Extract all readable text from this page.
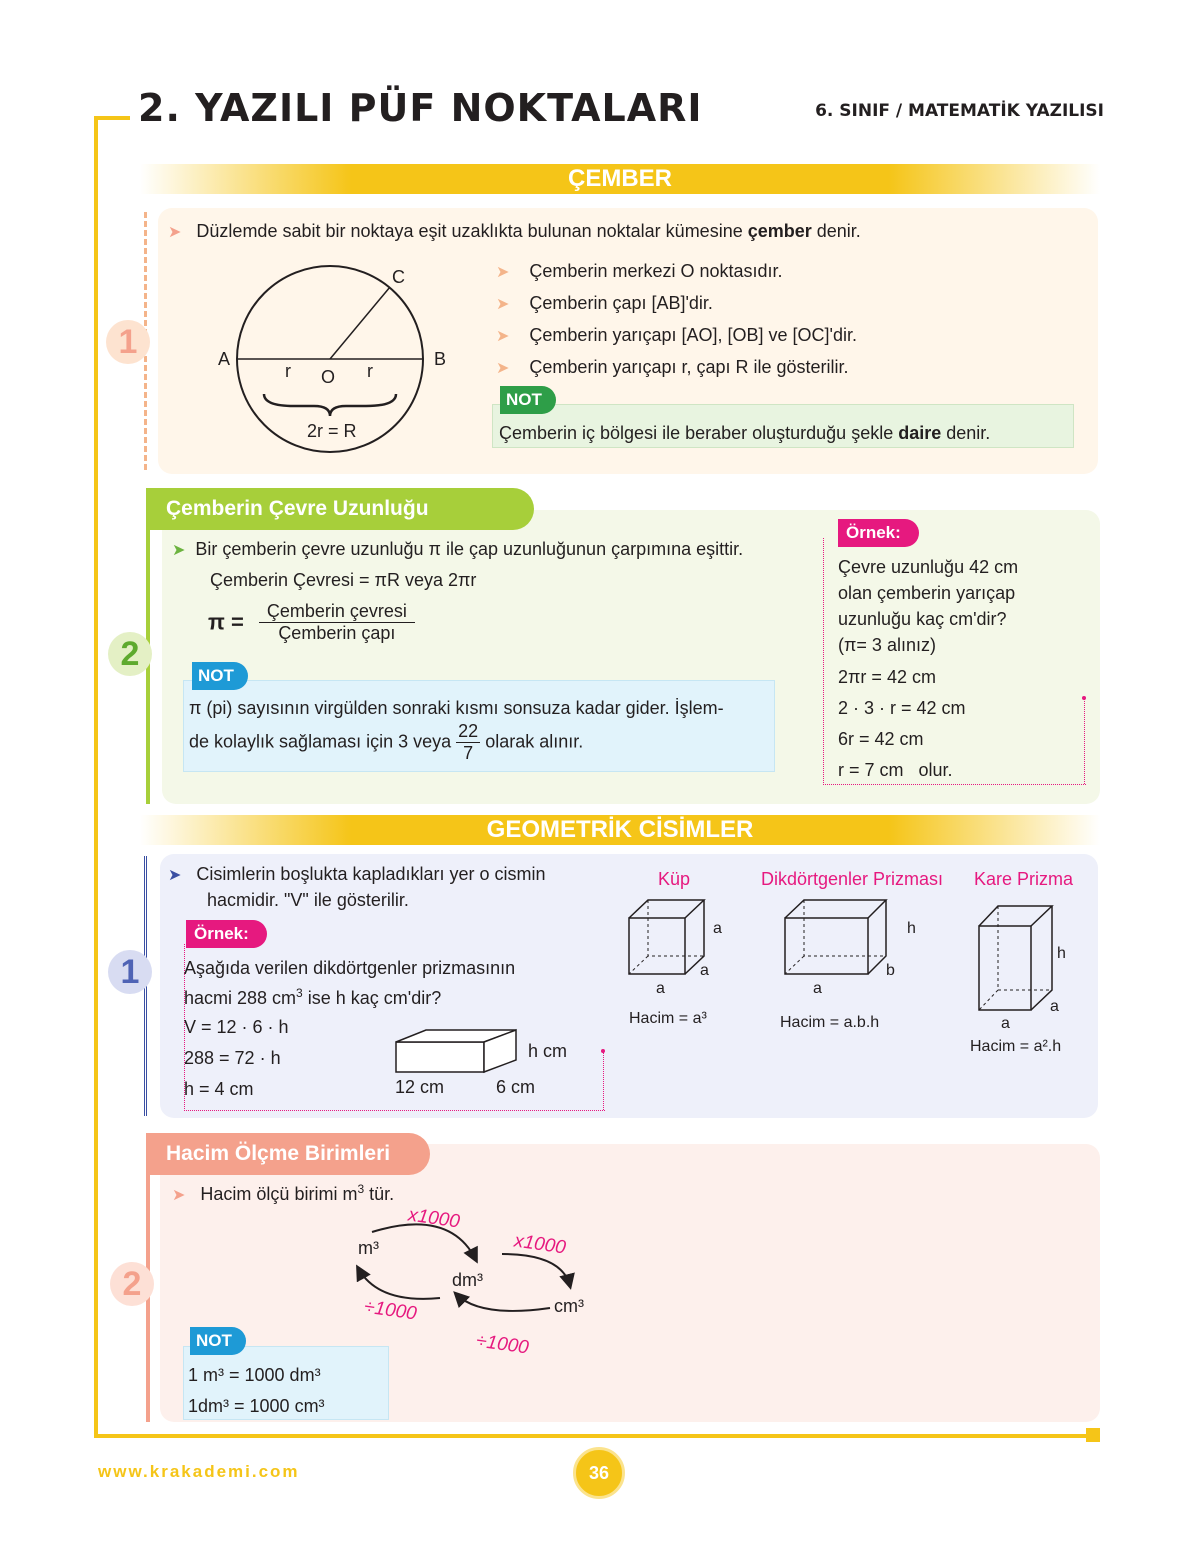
2. YAZILI PÜF NOKTALARI	6. SINIF / MATEMATİK YAZILISI
ÇEMBER
1
➤ Düzlemde sabit bir noktaya eşit uzaklıkta bulunan noktalar kümesine çember denir.
A	B
C
O
r	r
2r = R
➤ Çemberin merkezi O noktasıdır.
➤ Çemberin çapı [AB]'dir.
➤ Çemberin yarıçapı [AO], [OB] ve [OC]'dir.
➤ Çemberin yarıçapı r, çapı R ile gösterilir.
NOT
Çemberin iç bölgesi ile beraber oluşturduğu şekle daire denir.
Çemberin Çevre Uzunluğu
2
➤ Bir çemberin çevre uzunluğu π ile çap uzunluğunun çarpımına eşittir.
Çemberin Çevresi = πR veya 2πr
$\pi = \frac{\text{Çemberin çevresi}}{\text{Çemberin çapı}}$
NOT
π (pi) sayısının virgülden sonraki kısmı sonsuza kadar gider. İşlem-
de kolaylık sağlaması için 3 veya $\frac{22}{7}$ olarak alınır.
Örnek:
Çevre uzunluğu 42 cm
olan çemberin yarıçap
uzunluğu kaç cm'dir?
(π= 3 alınız)
2πr = 42 cm
2 · 3 · r = 42 cm
6r = 42 cm
r = 7 cm   olur.
GEOMETRİK CİSİMLER
1
➤ Cisimlerin boşlukta kapladıkları yer o cismin
hacmidir. "V" ile gösterilir.
Örnek:
Aşağıda verilen dikdörtgenler prizmasının
hacmi 288 $cm^3$ ise h kaç cm'dir?
V = 12 · 6 · h
288 = 72 · h
h = 4 cm
h cm
12 cm	6 cm
Küp
a
a
a
Hacim = a³
Dikdörtgenler Prizması
h
b
a
Hacim = a.b.h
Kare Prizma
h
a
a
Hacim = a².h
Hacim Ölçme Birimleri
2
➤ Hacim ölçü birimi $m^3$ tür.
m³
dm³
cm³
x1000
x1000
÷1000
÷1000
NOT
1 m³ = 1000 dm³
1dm³ = 1000 cm³
www.krakademi.com	36
